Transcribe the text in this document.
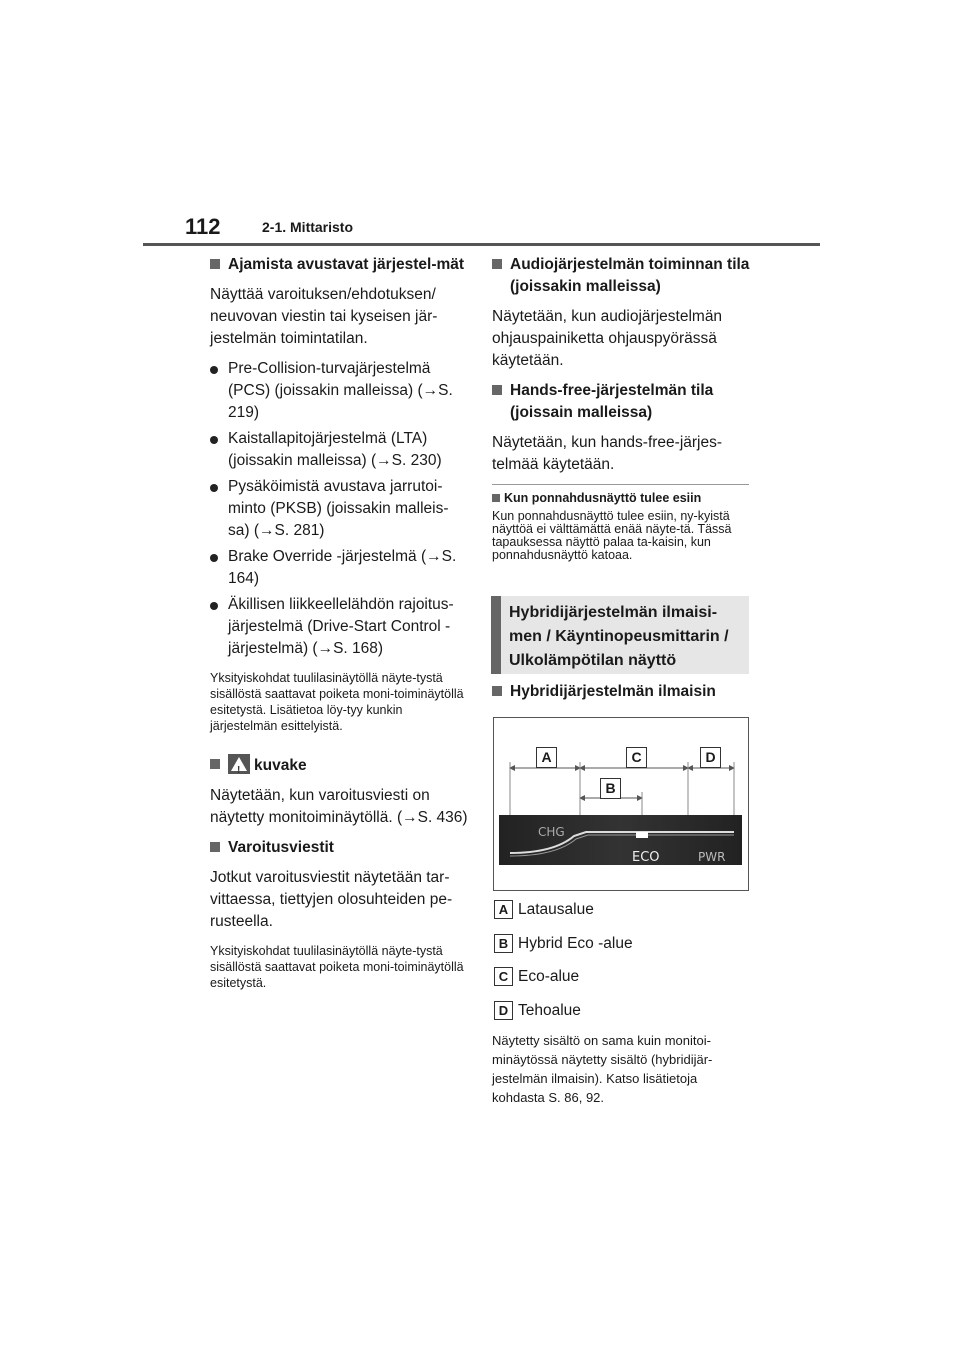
112	2-1. Mittaristo

Ajamista avustavat järjestel-mät

Näyttää varoituksen/ehdotuksen/ neuvovan viestin tai kyseisen jär-jestelmän toimintatilan.

Pre-Collision-turvajärjestelmä (PCS) (joissakin malleissa) (→S. 219)

Kaistallapitojärjestelmä (LTA) (joissakin malleissa) (→S. 230)

Pysäköimistä avustava jarrutoi-minto (PKSB) (joissakin malleis-sa) (→S. 281)

Brake Override -järjestelmä (→S. 164)

Äkillisen liikkeellelähdön rajoitus-järjestelmä (Drive-Start Control -järjestelmä) (→S. 168)

Yksityiskohdat tuulilasinäytöllä näyte-tystä sisällöstä saattavat poiketa moni-toiminäytöllä esitetystä. Lisätietoa löy-tyy kunkin järjestelmän esittelyistä.

! kuvake

Näytetään, kun varoitusviesti on näytetty monitoiminäytöllä. (→S. 436)

Varoitusviestit

Jotkut varoitusviestit näytetään tar-vittaessa, tiettyjen olosuhteiden pe-rusteella.

Yksityiskohdat tuulilasinäytöllä näyte-tystä sisällöstä saattavat poiketa moni-toiminäytöllä esitetystä.

Audiojärjestelmän toiminnan tila (joissakin malleissa)

Näytetään, kun audiojärjestelmän ohjauspainiketta ohjauspyörässä käytetään.

Hands-free-järjestelmän tila (joissain malleissa)

Näytetään, kun hands-free-järjes-telmää käytetään.

Kun ponnahdusnäyttö tulee esiin

Kun ponnahdusnäyttö tulee esiin, ny-kyistä näyttöä ei välttämättä enää näyte-tä. Tässä tapauksessa näyttö palaa ta-kaisin, kun ponnahdusnäyttö katoaa.

Hybridijärjestelmän ilmaisi-men / Käyntinopeusmittarin / Ulkolämpötilan näyttö

Hybridijärjestelmän ilmaisin

CHG
ECO	PWR
A	C	D
B
A Latausalue
B Hybrid Eco -alue
C Eco-alue
D Tehoalue

Näytetty sisältö on sama kuin monitoi-minäytössä näytetty sisältö (hybridijär-jestelmän ilmaisin). Katso lisätietoja kohdasta S. 86, 92.
